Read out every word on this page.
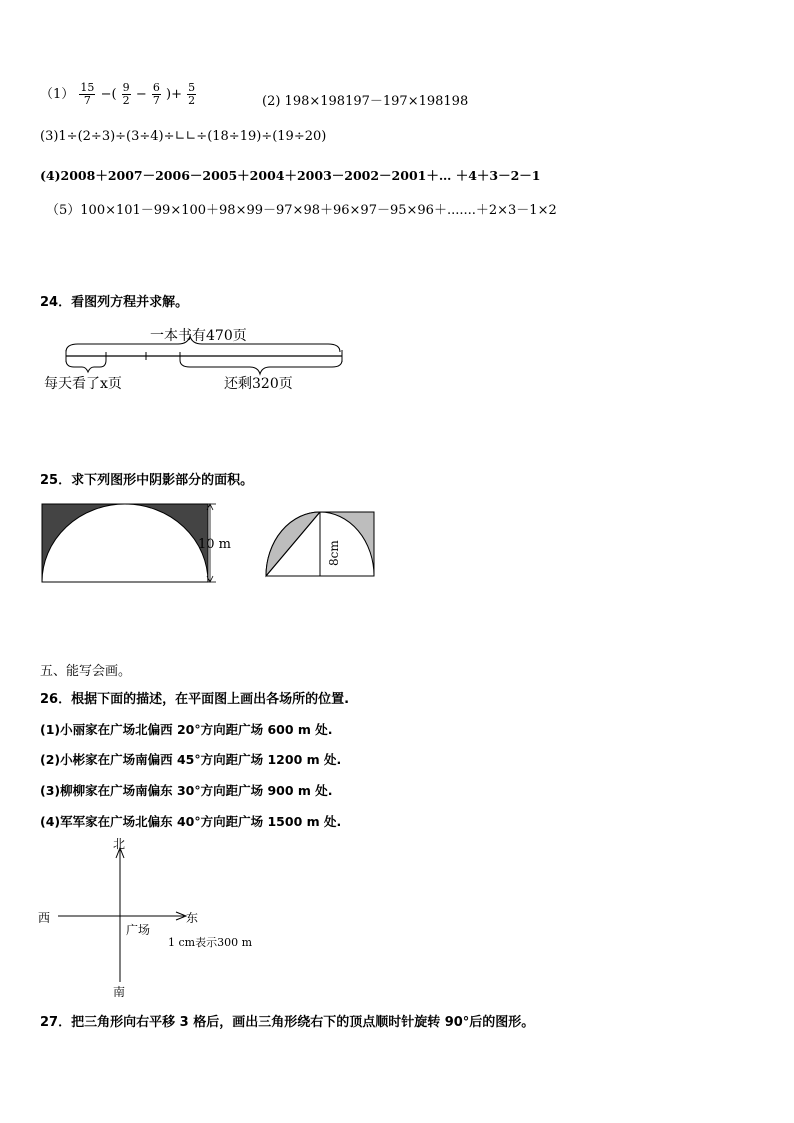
$(1) \frac{15}{7}$ −( $\frac{9}{2} - \frac{6}{7}$ )+ $\frac{5}{2}$	(2) 198×198197－197×198198
(3)1÷(2÷3)÷(3÷4)÷∟∟÷(18÷19)÷(19÷20)
(4)2008＋2007－2006－2005＋2004＋2003－2002－2001＋… ＋4＋3－2－1
（5）100×101－99×100＋98×99－97×98＋96×97－95×96＋.......＋2×3－1×2
24．看图列方程并求解。
一本书有470页
每天看了x页	还剩320页
25．求下列图形中阴影部分的面积。
10 m	8cm
五、能写会画。
26．根据下面的描述，在平面图上画出各场所的位置.
(1)小丽家在广场北偏西 20°方向距广场 600 m 处.
(2)小彬家在广场南偏西 45°方向距广场 1200 m 处.
(3)柳柳家在广场南偏东 30°方向距广场 900 m 处.
(4)军军家在广场北偏东 40°方向距广场 1500 m 处.
北
南
西	东
广场
1 cm表示300 m
27．把三角形向右平移 3 格后，画出三角形绕右下的顶点顺时针旋转 90°后的图形。
